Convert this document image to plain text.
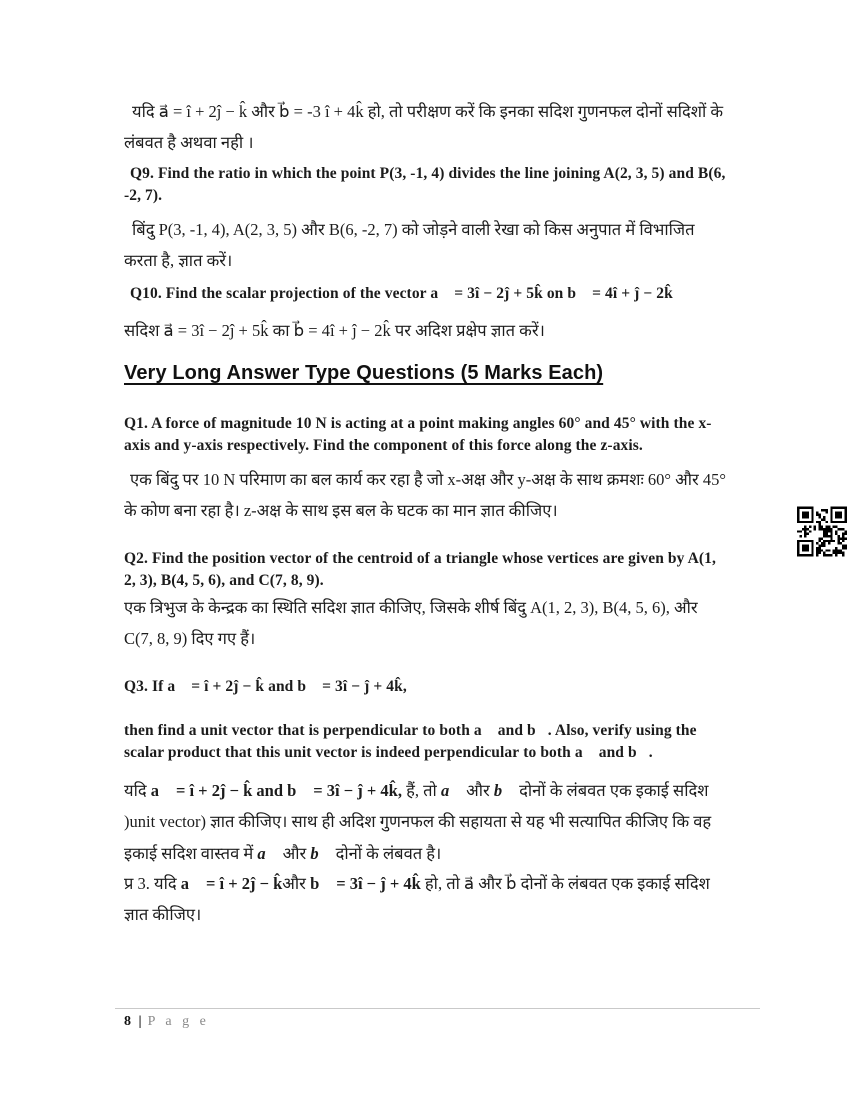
यदि a⃗ = î + 2ĵ − k̂ और b⃗ = -3 î + 4k̂ हो, तो परीक्षण करें कि इनका सदिश गुणनफल दोनों सदिशों के लंबवत है अथवा नही ।

Q9. Find the ratio in which the point P(3, -1, 4) divides the line joining A(2, 3, 5) and B(6, -2, 7).

बिंदु P(3, -1, 4), A(2, 3, 5) और B(6, -2, 7) को जोड़ने वाली रेखा को किस अनुपात में विभाजित करता है, ज्ञात करें।

Q10. Find the scalar projection of the vector a⃗ = 3î − 2ĵ + 5k̂ on b⃗ = 4î + ĵ − 2k̂

सदिश a⃗ = 3î − 2ĵ + 5k̂ का b⃗ = 4î + ĵ − 2k̂ पर अदिश प्रक्षेप ज्ञात करें।

Very Long Answer Type Questions (5 Marks Each)

Q1. A force of magnitude 10 N is acting at a point making angles 60° and 45° with the x-axis and y-axis respectively. Find the component of this force along the z-axis.

एक बिंदु पर 10 N परिमाण का बल कार्य कर रहा है जो x-अक्ष और y-अक्ष के साथ क्रमशः 60° और 45° के कोण बना रहा है। z-अक्ष के साथ इस बल के घटक का मान ज्ञात कीजिए।

Q2. Find the position vector of the centroid of a triangle whose vertices are given by A(1, 2, 3), B(4, 5, 6), and C(7, 8, 9).

एक त्रिभुज के केन्द्रक का स्थिति सदिश ज्ञात कीजिए, जिसके शीर्ष बिंदु A(1, 2, 3), B(4, 5, 6), और C(7, 8, 9) दिए गए हैं।

Q3. If a⃗ = î + 2ĵ − k̂ and b⃗ = 3î − ĵ + 4k̂,

then find a unit vector that is perpendicular to both a⃗ and b⃗. Also, verify using the scalar product that this unit vector is indeed perpendicular to both a⃗ and b⃗.

यदि a⃗ = î + 2ĵ − k̂ and b⃗ = 3î − ĵ + 4k̂, हैं, तो a⃗ और b⃗ दोनों के लंबवत एक इकाई सदिश )unit vector) ज्ञात कीजिए। साथ ही अदिश गुणनफल की सहायता से यह भी सत्यापित कीजिए कि वह इकाई सदिश वास्तव में a⃗ और b⃗ दोनों के लंबवत है।

प्र 3. यदि a⃗ = î + 2ĵ − k̂और b⃗ = 3î − ĵ + 4k̂ हो, तो a⃗ और b⃗ दोनों के लंबवत एक इकाई सदिश ज्ञात कीजिए।

8 | P a g e
